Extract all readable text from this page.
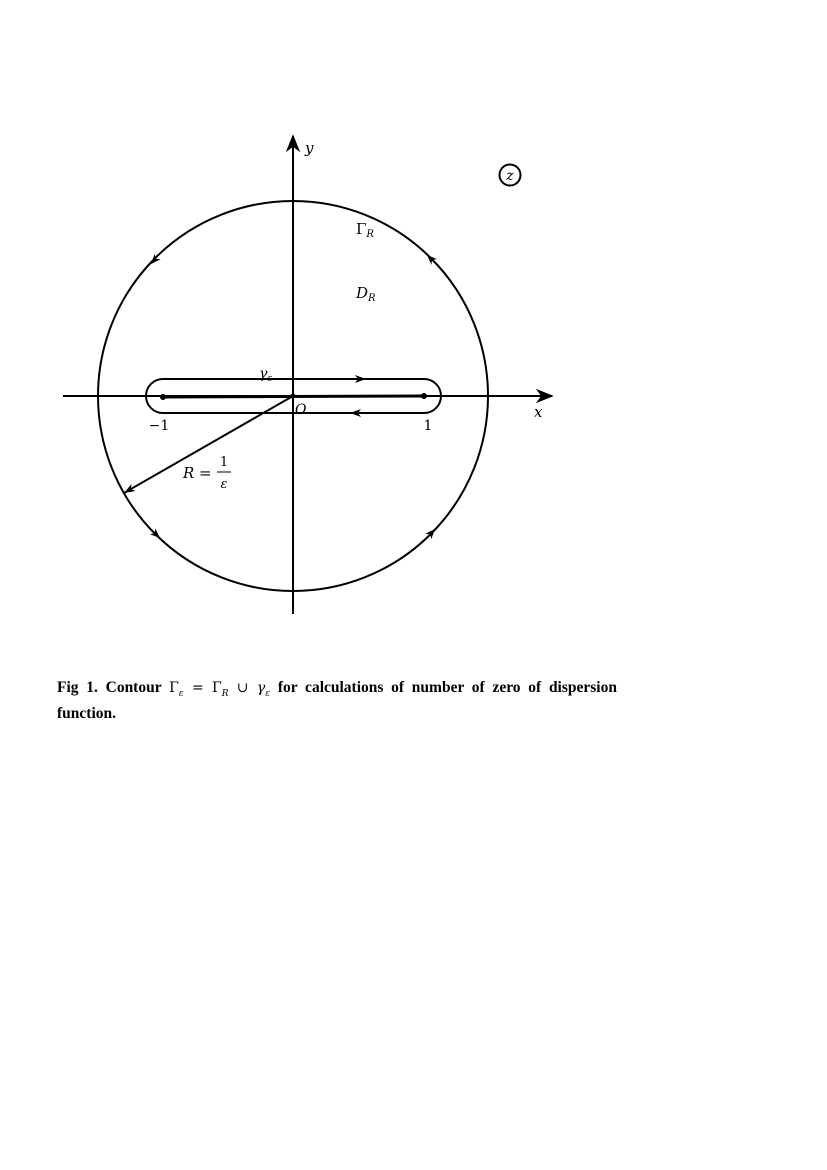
z
y
x
O
$\Gamma_R$
$D_R$
$\gamma_\varepsilon$
−1	1
R =
1
ε
Fig 1. Contour $\Gamma_\varepsilon = \Gamma_R$ ∪ $\gamma_\varepsilon$ for calculations of number of zero of dispersion function.
